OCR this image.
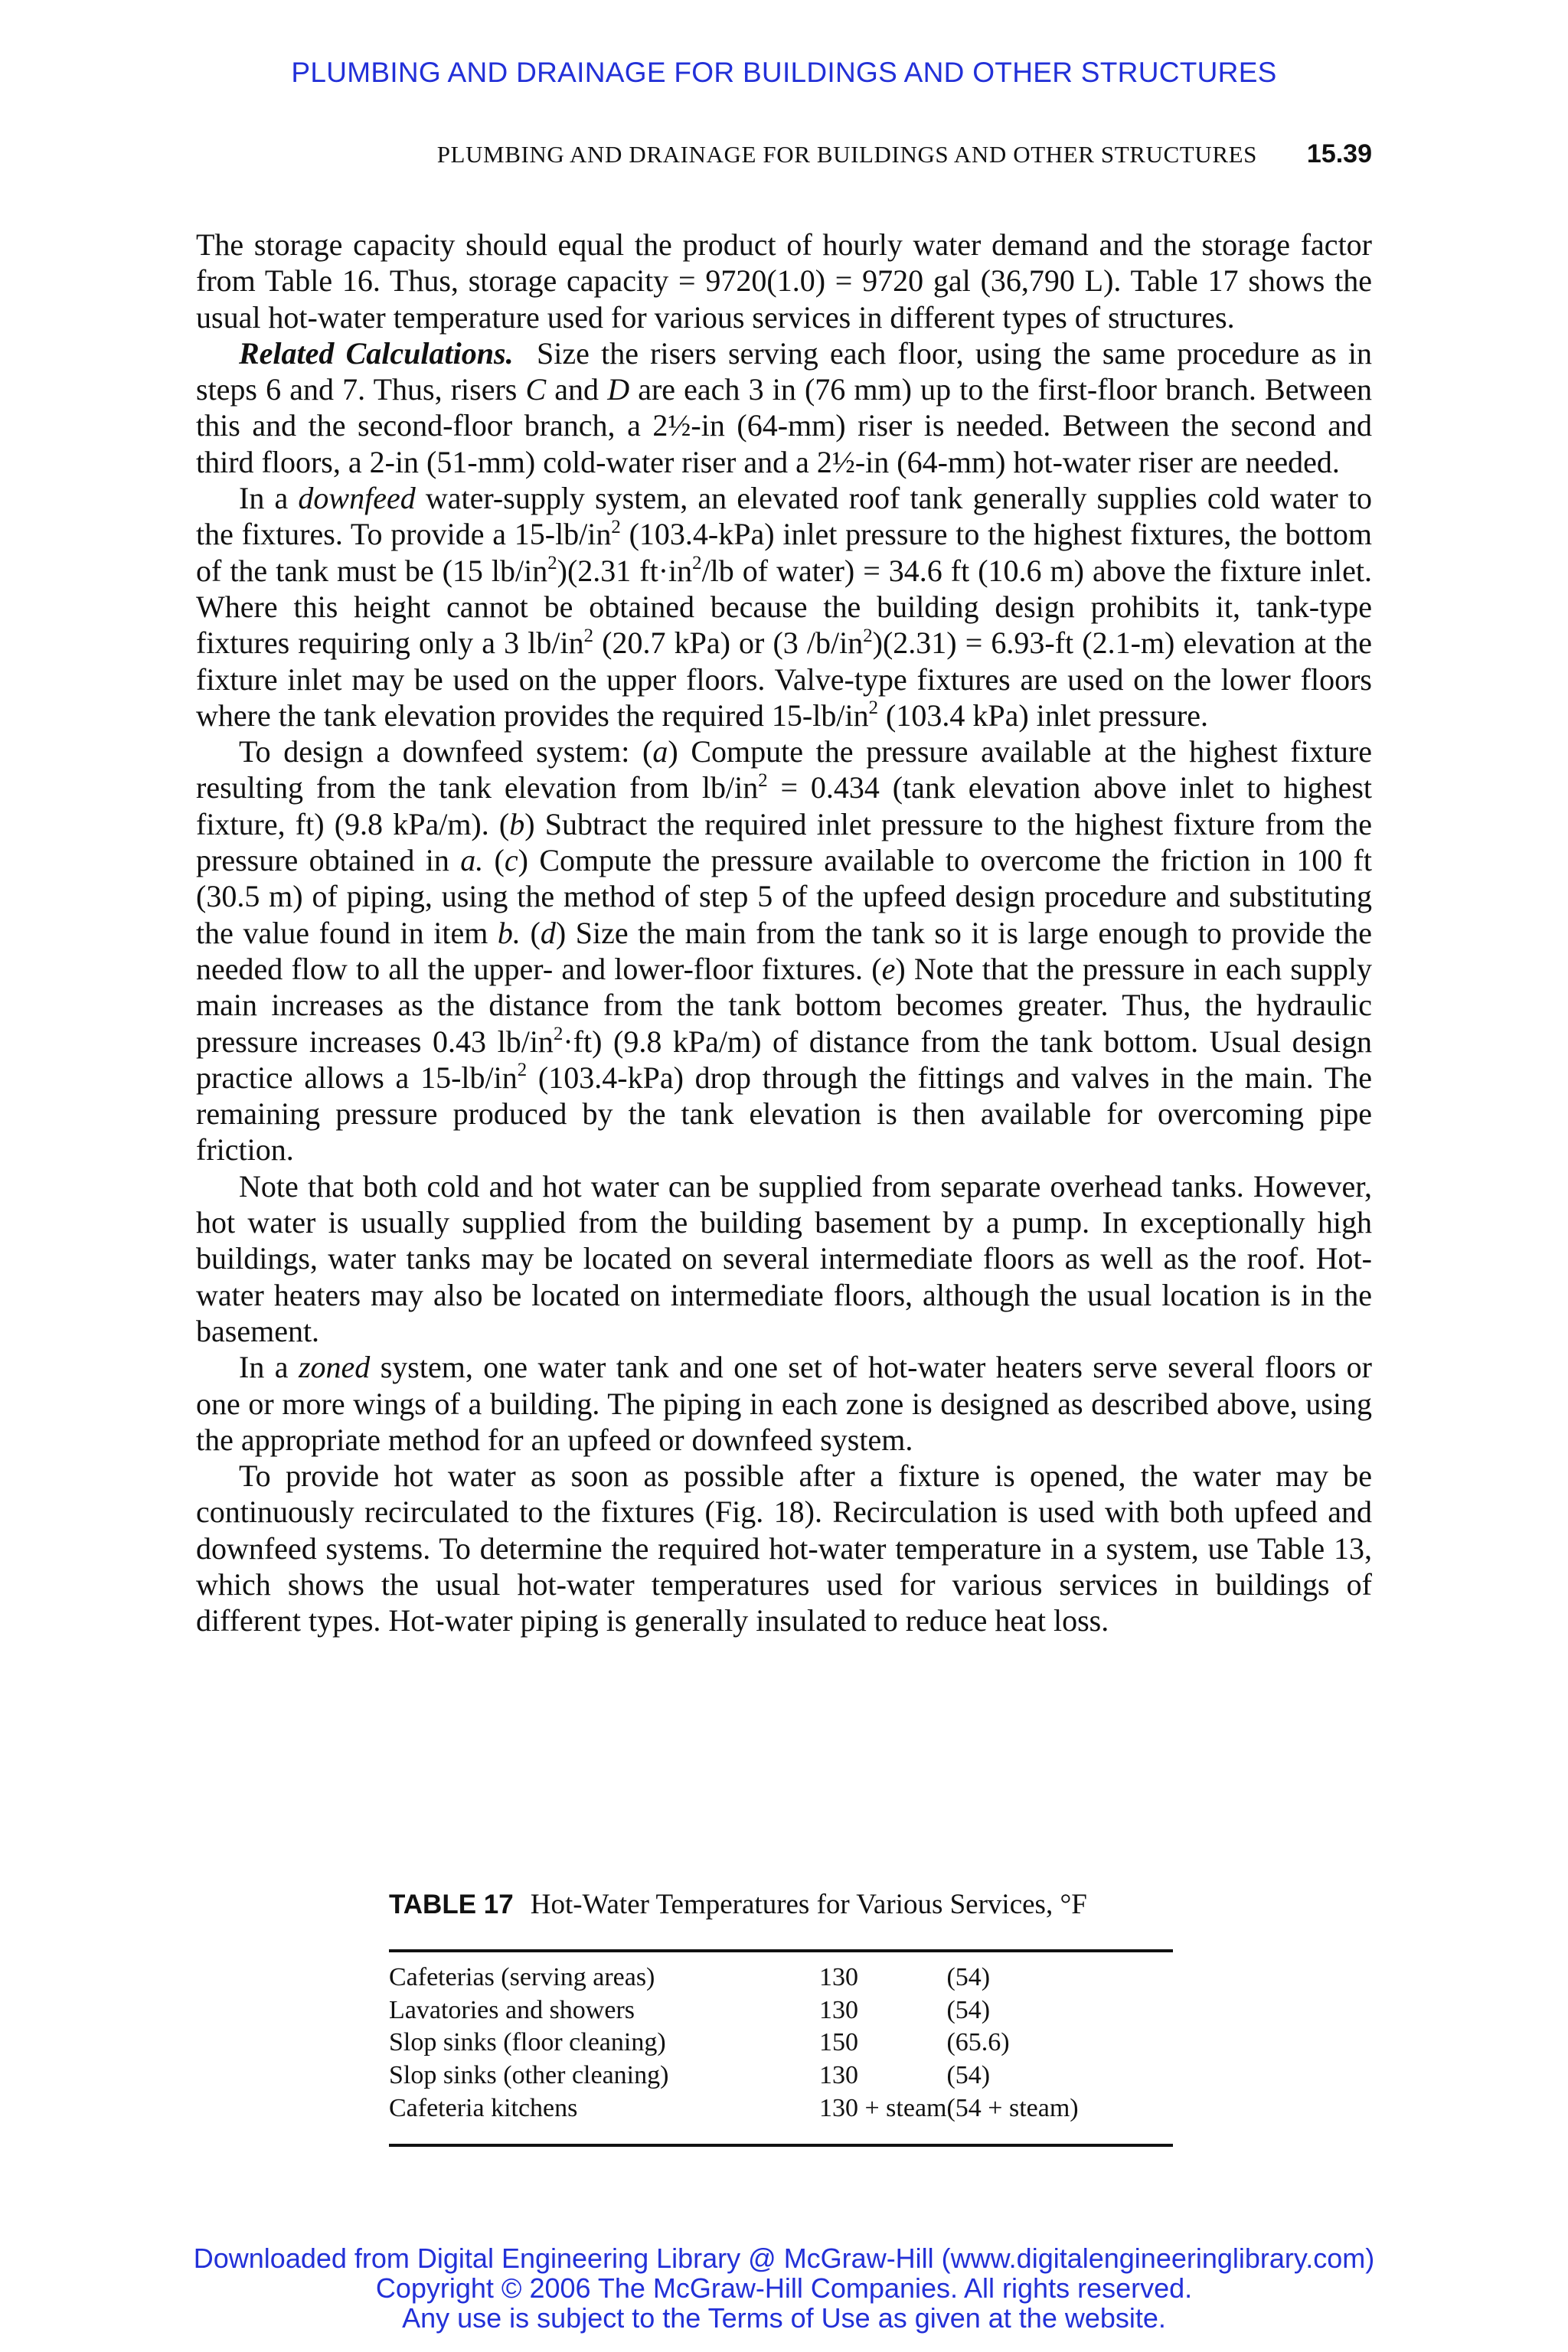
PLUMBING AND DRAINAGE FOR BUILDINGS AND OTHER STRUCTURES
PLUMBING AND DRAINAGE FOR BUILDINGS AND OTHER STRUCTURES 15.39

The storage capacity should equal the product of hourly water demand and the storage factor from Table 16. Thus, storage capacity = 9720(1.0) = 9720 gal (36,790 L). Table 17 shows the usual hot-water temperature used for various services in different types of structures.

Related Calculations. Size the risers serving each floor, using the same procedure as in steps 6 and 7. Thus, risers C and D are each 3 in (76 mm) up to the first-floor branch. Between this and the second-floor branch, a 2½-in (64-mm) riser is needed. Between the second and third floors, a 2-in (51-mm) cold-water riser and a 2½-in (64-mm) hot-water riser are needed.

In a downfeed water-supply system, an elevated roof tank generally supplies cold water to the fixtures. To provide a $15-lb/in^2$ (103.4-kPa) inlet pressure to the highest fixtures, the bottom of the tank must be (15 $lb/in^2)(2.31$ $ft\cdot in^2/lb$ of water) = 34.6 ft (10.6 m) above the fixture inlet. Where this height cannot be obtained because the building design prohibits it, tank-type fixtures requiring only a 3 $lb/in^2$ (20.7 kPa) or (3 $/b/in^2)(2.31) = 6.93-ft$ (2.1-m) elevation at the fixture inlet may be used on the upper floors. Valve-type fixtures are used on the lower floors where the tank elevation provides the required $15-lb/in^2$ (103.4 kPa) inlet pressure.

To design a downfeed system: (a) Compute the pressure available at the highest fixture resulting from the tank elevation from $lb/in^2 = 0.434$ (tank elevation above inlet to highest fixture, ft) (9.8 kPa/m). (b) Subtract the required inlet pressure to the highest fixture from the pressure obtained in a. (c) Compute the pressure available to overcome the friction in 100 ft (30.5 m) of piping, using the method of step 5 of the upfeed design procedure and substituting the value found in item b. (d) Size the main from the tank so it is large enough to provide the needed flow to all the upper- and lower-floor fixtures. (e) Note that the pressure in each supply main increases as the distance from the tank bottom becomes greater. Thus, the hydraulic pressure increases 0.43 $lb/in^2\cdot ft$) (9.8 kPa/m) of distance from the tank bottom. Usual design practice allows a $15-lb/in^2$ (103.4-kPa) drop through the fittings and valves in the main. The remaining pressure produced by the tank elevation is then available for overcoming pipe friction.

Note that both cold and hot water can be supplied from separate overhead tanks. However, hot water is usually supplied from the building basement by a pump. In exceptionally high buildings, water tanks may be located on several intermediate floors as well as the roof. Hot-water heaters may also be located on intermediate floors, although the usual location is in the basement.

In a zoned system, one water tank and one set of hot-water heaters serve several floors or one or more wings of a building. The piping in each zone is designed as described above, using the appropriate method for an upfeed or downfeed system.

To provide hot water as soon as possible after a fixture is opened, the water may be continuously recirculated to the fixtures (Fig. 18). Recirculation is used with both upfeed and downfeed systems. To determine the required hot-water temperature in a system, use Table 13, which shows the usual hot-water temperatures used for various services in buildings of different types. Hot-water piping is generally insulated to reduce heat loss.

TABLE 17 Hot-Water Temperatures for Various Services, °F
Cafeterias (serving areas)	130	(54)
Lavatories and showers	130	(54)
Slop sinks (floor cleaning)	150	(65.6)
Slop sinks (other cleaning)	130	(54)
Cafeteria kitchens	130 + steam	(54 + steam)
Downloaded from Digital Engineering Library @ McGraw-Hill (www.digitalengineeringlibrary.com)
Copyright © 2006 The McGraw-Hill Companies. All rights reserved.
Any use is subject to the Terms of Use as given at the website.
